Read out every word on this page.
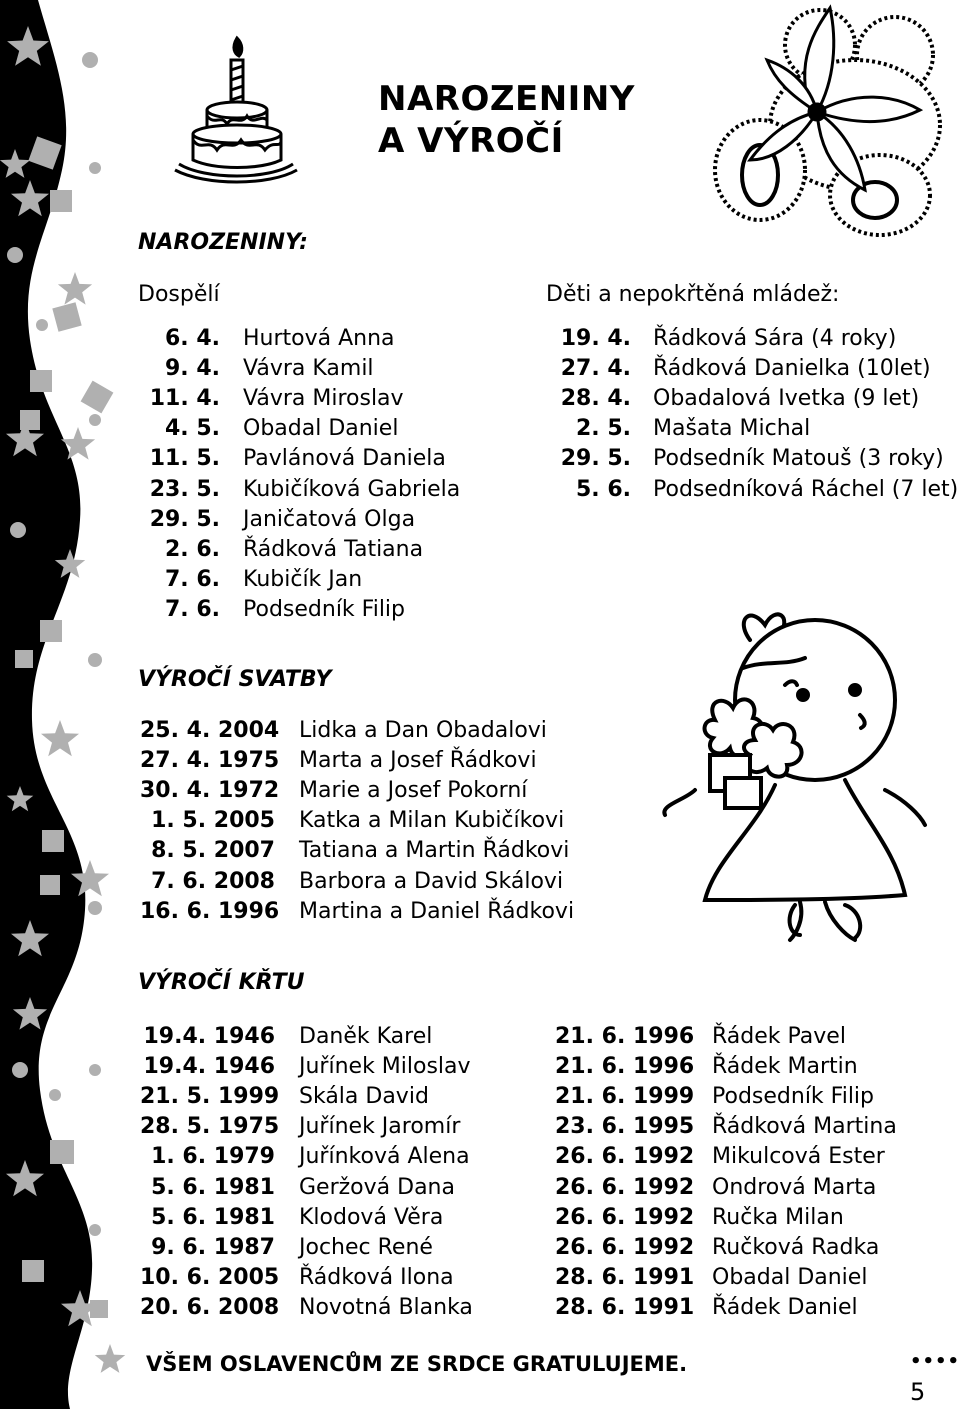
NAROZENINY
A VÝROČÍ
NAROZENINY:
Dospělí
6. 4. Hurtová Anna
9. 4. Vávra Kamil
11. 4. Vávra Miroslav
4. 5. Obadal Daniel
11. 5. Pavlánová Daniela
23. 5. Kubičíková Gabriela
29. 5. Janičatová Olga
2. 6. Řádková Tatiana
7. 6. Kubičík Jan
7. 6. Podsedník Filip
Děti a nepokřtěná mládež:
19. 4. Řádková Sára (4 roky)
27. 4. Řádková Danielka (10let)
28. 4. Obadalová Ivetka (9 let)
2. 5. Mašata Michal
29. 5. Podsedník Matouš (3 roky)
5. 6. Podsedníková Ráchel (7 let)
VÝROČÍ SVATBY
25. 4. 2004 Lidka a Dan Obadalovi
27. 4. 1975 Marta a Josef Řádkovi
30. 4. 1972 Marie a Josef Pokorní
1. 5. 2005 Katka a Milan Kubičíkovi
8. 5. 2007 Tatiana a Martin Řádkovi
7. 6. 2008 Barbora a David Skálovi
16. 6. 1996 Martina a Daniel Řádkovi
VÝROČÍ KŘTU
19.4. 1946 Daněk Karel
19.4. 1946 Juřínek Miloslav
21. 5. 1999 Skála David
28. 5. 1975 Juřínek Jaromír
1. 6. 1979 Juřínková Alena
5. 6. 1981 Geržová Dana
5. 6. 1981 Klodová Věra
9. 6. 1987 Jochec René
10. 6. 2005 Řádková Ilona
20. 6. 2008 Novotná Blanka
21. 6. 1996 Řádek Pavel
21. 6. 1996 Řádek Martin
21. 6. 1999 Podsedník Filip
23. 6. 1995 Řádková Martina
26. 6. 1992 Mikulcová Ester
26. 6. 1992 Ondrová Marta
26. 6. 1992 Ručka Milan
26. 6. 1992 Ručková Radka
28. 6. 1991 Obadal Daniel
28. 6. 1991 Řádek Daniel
VŠEM OSLAVENCŮM ZE SRDCE GRATULUJEME.	••••
5
